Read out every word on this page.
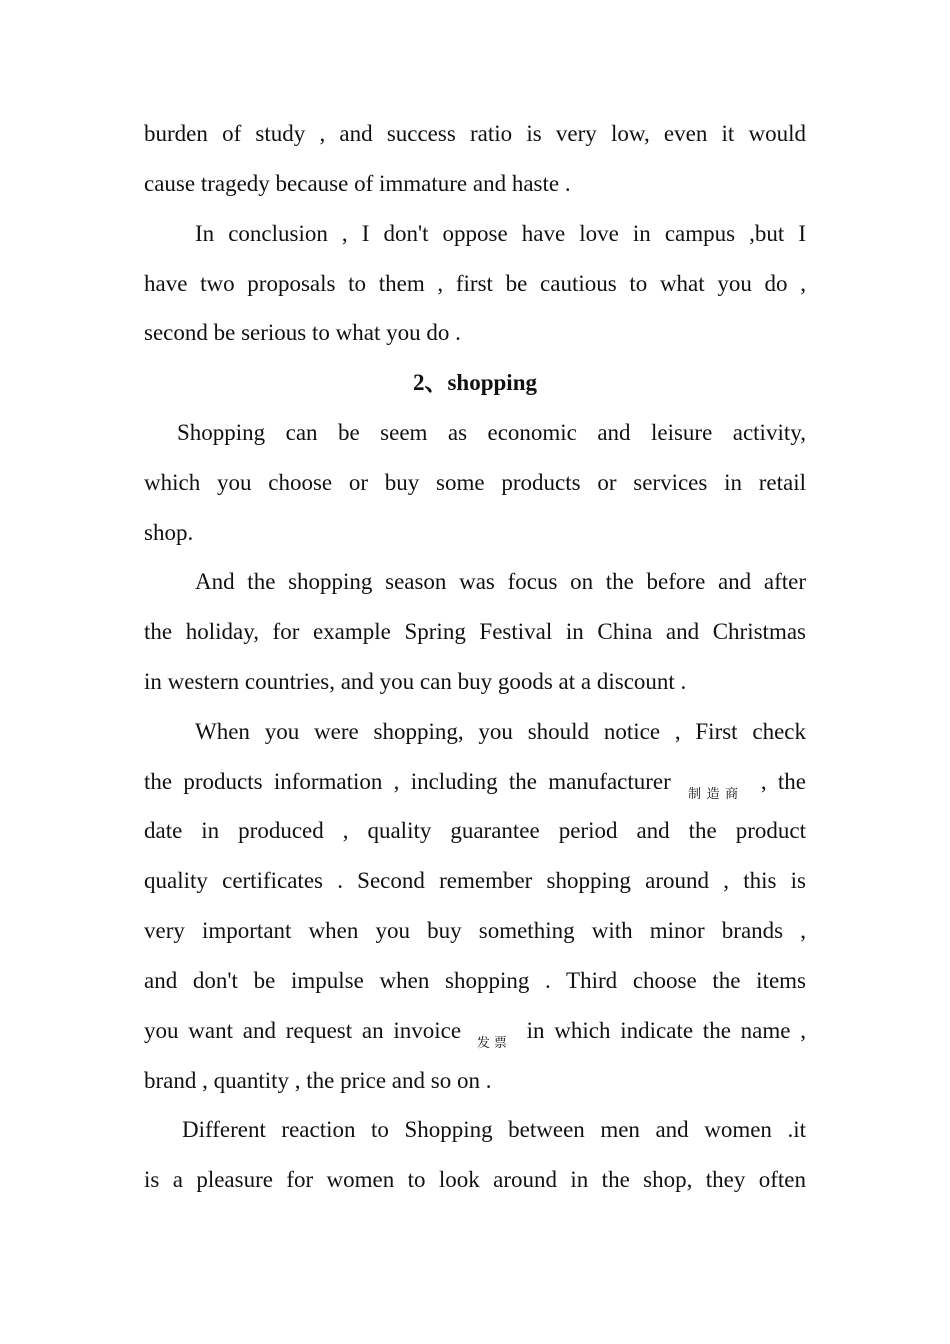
burden of study , and success ratio is very low, even it would
cause tragedy because of immature and haste .
In conclusion , I don't oppose have love in campus ,but I
have two proposals to them , first be cautious to what you do ,
second be serious to what you do .
2、shopping
Shopping can be seem as economic and leisure activity,
which you choose or buy some products or services in retail
shop.
And the shopping season was focus on the before and after
the holiday, for example Spring Festival in China and Christmas
in western countries, and you can buy goods at a discount .
When you were shopping, you should notice , First check
the products information , including the manufacturer $_{制造商}$ , the
date in produced , quality guarantee period and the product
quality certificates . Second remember shopping around , this is
very important when you buy something with minor brands ,
and don't be impulse when shopping . Third choose the items
you want and request an invoice $_{发票}$ in which indicate the name ,
brand , quantity , the price and so on .
Different reaction to Shopping between men and women .it
is a pleasure for women to look around in the shop, they often
